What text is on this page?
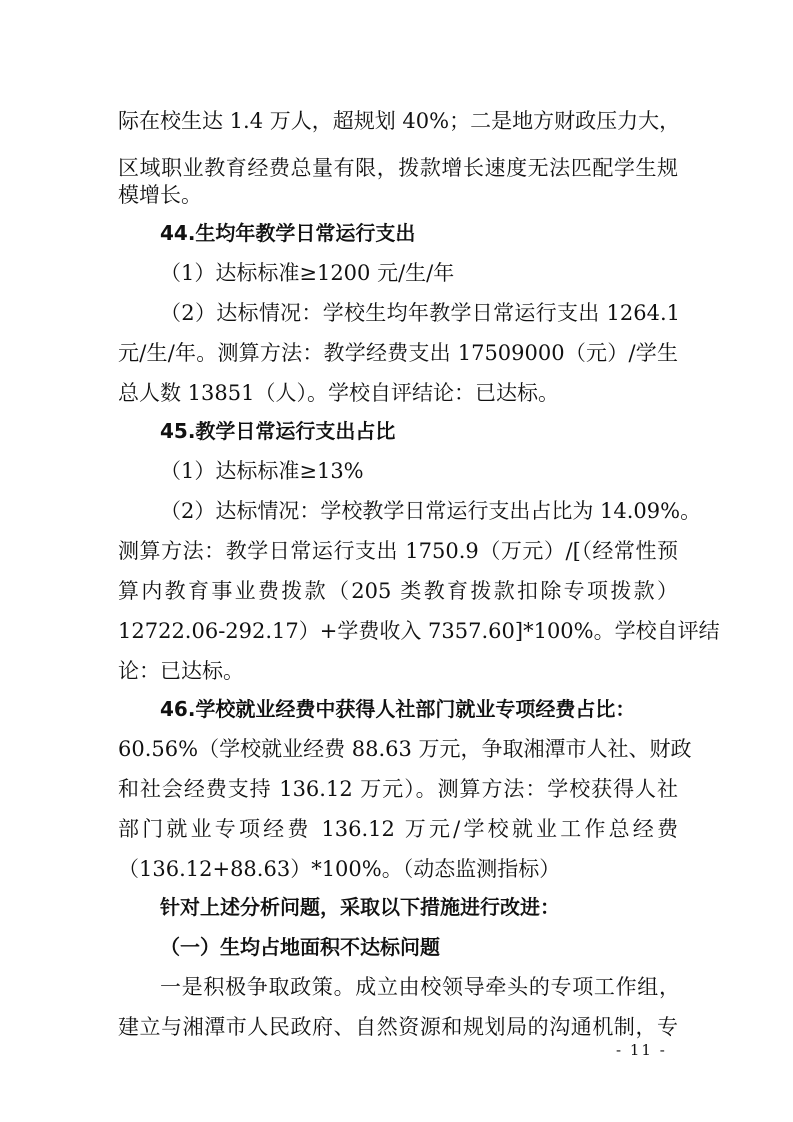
际在校生达 1.4 万人，超规划 40%；二是地方财政压力大，
区域职业教育经费总量有限，拨款增长速度无法匹配学生规
模增长。
44.生均年教学日常运行支出
（1）达标标准≥1200 元/生/年
（2）达标情况：学校生均年教学日常运行支出 1264.1
元/生/年。测算方法：教学经费支出 17509000（元）/学生
总人数 13851（人）。学校自评结论：已达标。
45.教学日常运行支出占比
（1）达标标准≥13%
（2）达标情况：学校教学日常运行支出占比为 14.09%。
测算方法：教学日常运行支出 1750.9（万元）/[（经常性预
算内教育事业费拨款（205 类教育拨款扣除专项拨款）
12722.06-292.17）+学费收入 7357.60]*100%。学校自评结
论：已达标。
46.学校就业经费中获得人社部门就业专项经费占比：
60.56%（学校就业经费 88.63 万元，争取湘潭市人社、财政
和社会经费支持 136.12 万元）。测算方法：学校获得人社
部门就业专项经费 136.12 万元/学校就业工作总经费
（136.12+88.63）*100%。（动态监测指标）
针对上述分析问题，采取以下措施进行改进：
（一）生均占地面积不达标问题
一是积极争取政策。成立由校领导牵头的专项工作组，
建立与湘潭市人民政府、自然资源和规划局的沟通机制，专
- 11 -
